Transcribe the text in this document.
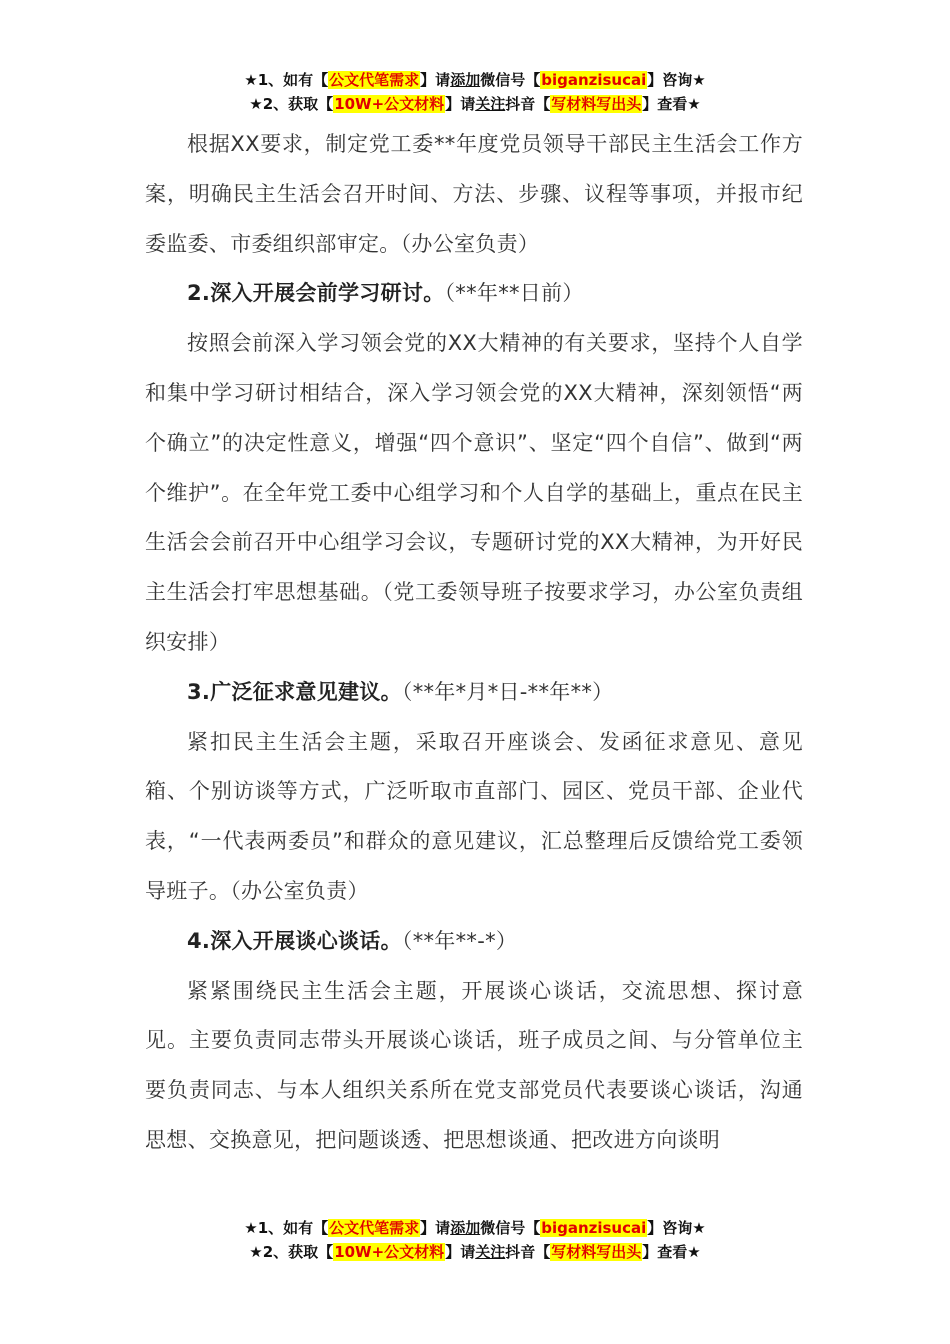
★1、如有【公文代笔需求】请添加微信号【biganzisucai】咨询★
★2、获取【10W+公文材料】请关注抖音【写材料写出头】查看★

根据XX要求，制定党工委**年度党员领导干部民主生活会工作方案，明确民主生活会召开时间、方法、步骤、议程等事项，并报市纪委监委、市委组织部审定。（办公室负责）

2.深入开展会前学习研讨。（**年**日前）

按照会前深入学习领会党的XX大精神的有关要求，坚持个人自学和集中学习研讨相结合，深入学习领会党的XX大精神，深刻领悟“两个确立”的决定性意义，增强“四个意识”、坚定“四个自信”、做到“两个维护”。在全年党工委中心组学习和个人自学的基础上，重点在民主生活会会前召开中心组学习会议，专题研讨党的XX大精神，为开好民主生活会打牢思想基础。（党工委领导班子按要求学习，办公室负责组织安排）

3.广泛征求意见建议。（**年*月*日-**年**）

紧扣民主生活会主题，采取召开座谈会、发函征求意见、意见箱、个别访谈等方式，广泛听取市直部门、园区、党员干部、企业代表，“一代表两委员”和群众的意见建议，汇总整理后反馈给党工委领导班子。（办公室负责）

4.深入开展谈心谈话。（**年**-*）

紧紧围绕民主生活会主题，开展谈心谈话，交流思想、探讨意见。主要负责同志带头开展谈心谈话，班子成员之间、与分管单位主要负责同志、与本人组织关系所在党支部党员代表要谈心谈话，沟通思想、交换意见，把问题谈透、把思想谈通、把改进方向谈明

★1、如有【公文代笔需求】请添加微信号【biganzisucai】咨询★
★2、获取【10W+公文材料】请关注抖音【写材料写出头】查看★
